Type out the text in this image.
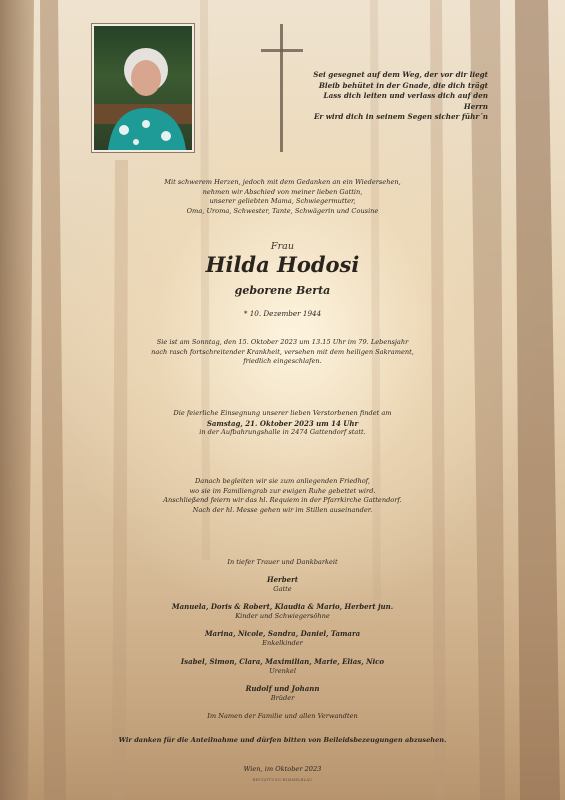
Sei gesegnet auf dem Weg, der vor dir liegt
Bleib behütet in der Gnade, die dich trägt
Lass dich leiten und verlass dich auf den Herrn
Er wird dich in seinem Segen sicher führ´n
Mit schwerem Herzen, jedoch mit dem Gedanken an ein Wiedersehen,
nehmen wir Abschied von meiner lieben Gattin,
unserer geliebten Mama, Schwiegermutter,
Oma, Uroma, Schwester, Tante, Schwägerin und Cousine
Frau
Hilda Hodosi
geborene Berta
* 10. Dezember 1944
Sie ist am Sonntag, den 15. Oktober 2023 um 13.15 Uhr im 79. Lebensjahr
nach rasch fortschreitender Krankheit, versehen mit dem heiligen Sakrament,
friedlich eingeschlafen.
Die feierliche Einsegnung unserer lieben Verstorbenen findet am
Samstag, 21. Oktober 2023 um 14 Uhr
in der Aufbahrungshalle in 2474 Gattendorf statt.
Danach begleiten wir sie zum anliegenden Friedhof,
wo sie im Familiengrab zur ewigen Ruhe gebettet wird.
Anschließend feiern wir das hl. Requiem in der Pfarrkirche Gattendorf.
Nach der hl. Messe gehen wir im Stillen auseinander.
In tiefer Trauer und Dankbarkeit
Herbert
Gatte
Manuela, Doris & Robert, Klaudia & Mario, Herbert jun.
Kinder und Schwiegersöhne
Marina, Nicole, Sandra, Daniel, Tamara
Enkelkinder
Isabel, Simon, Clara, Maximilian, Marie, Elias, Nico
Urenkel
Rudolf und Johann
Brüder
Im Namen der Familie und allen Verwandten
Wir danken für die Anteilnahme und dürfen bitten von Beileidsbezeugungen abzusehen.
Wien, im Oktober 2023
BESTATTUNG HIMMELBLAU
